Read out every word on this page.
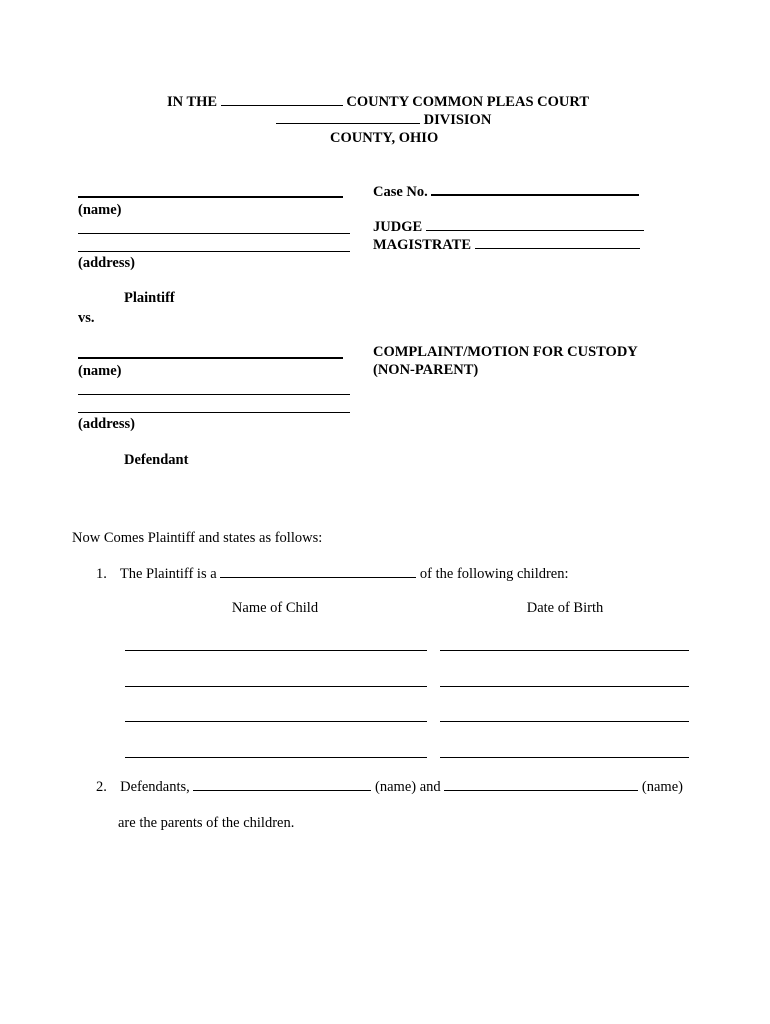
IN THE	COUNTY COMMON PLEAS COURT
DIVISION
COUNTY, OHIO
(name)
(address)
Plaintiff
vs.
Case No.
JUDGE
MAGISTRATE
(name)
(address)
Defendant
COMPLAINT/MOTION FOR CUSTODY
(NON-PARENT)
Now Comes Plaintiff and states as follows:
1. The Plaintiff is a	of the following children:
Name of Child	Date of Birth
2. Defendants,	(name) and	(name)
are the parents of the children.
